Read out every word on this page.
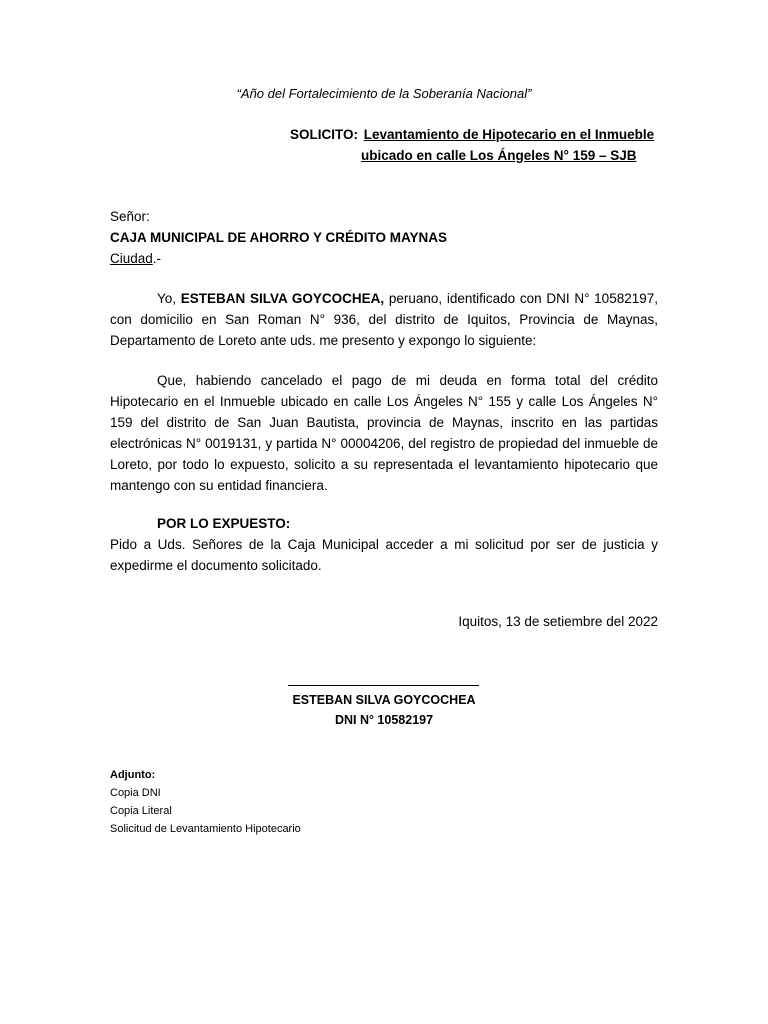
“Año del Fortalecimiento de la Soberanía Nacional”
SOLICITO: Levantamiento de Hipotecario en el Inmueble
ubicado en calle Los Ángeles N° 159 – SJB
Señor:
CAJA MUNICIPAL DE AHORRO Y CRÉDITO MAYNAS
Ciudad.-

Yo, ESTEBAN SILVA GOYCOCHEA, peruano, identificado con DNI N° 10582197, con domicilio en San Roman N° 936, del distrito de Iquitos, Provincia de Maynas, Departamento de Loreto ante uds. me presento y expongo lo siguiente:

Que, habiendo cancelado el pago de mi deuda en forma total del crédito Hipotecario en el Inmueble ubicado en calle Los Ángeles N° 155 y calle Los Ángeles N° 159 del distrito de San Juan Bautista, provincia de Maynas, inscrito en las partidas electrónicas N° 0019131, y partida N° 00004206, del registro de propiedad del inmueble de Loreto, por todo lo expuesto, solicito a su representada el levantamiento hipotecario que mantengo con su entidad financiera.

POR LO EXPUESTO:

Pido a Uds. Señores de la Caja Municipal acceder a mi solicitud por ser de justicia y expedirme el documento solicitado.

Iquitos, 13 de setiembre del 2022
ESTEBAN SILVA GOYCOCHEA
DNI N° 10582197
Adjunto:
Copia DNI
Copia Literal
Solicitud de Levantamiento Hipotecario
